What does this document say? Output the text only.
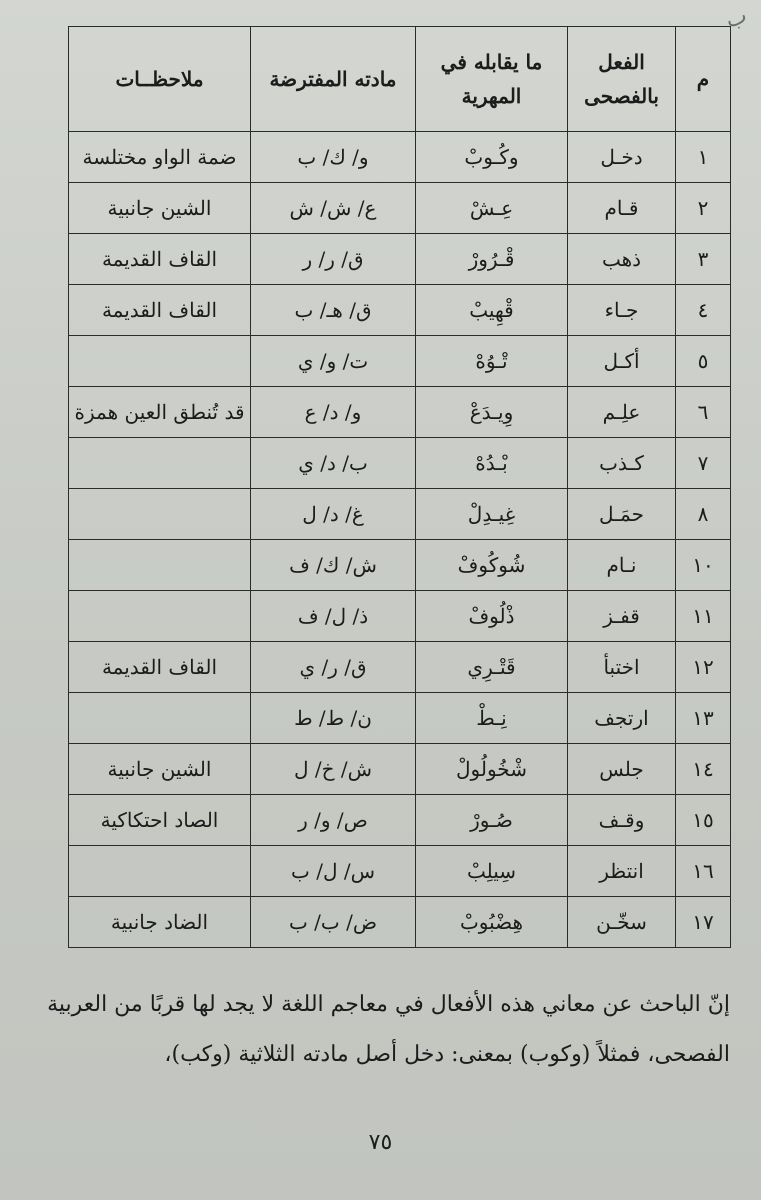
ب
م	الفعل بالفصحى	ما يقابله في المهرية	مادته المفترضة	ملاحظــات
١	دخـل	وكُـوبْ	و/ ك/ ب	ضمة الواو مختلسة
٢	قـام	عِـشْ	ع/ ش/ ش	الشين جانبية
٣	ذهب	قْـرُورْ	ق/ ر/ ر	القاف القديمة
٤	جـاء	قْهِيبْ	ق/ هـ/ ب	القاف القديمة
٥	أكـل	تْـوُهْ	ت/ و/ ي	
٦	علِـم	وِيـدَعْ	و/ د/ ع	قد تُنطق العين همزة
٧	كـذب	بْـدُهْ	ب/ د/ ي	
٨	حمَـل	غِيـدِلْ	غ/ د/ ل	
١٠	نـام	شُوكُوفْ	ش/ ك/ ف	
١١	قفـز	ذْلُوفْ	ذ/ ل/ ف	
١٢	اختبأ	قَتْـرِي	ق/ ر/ ي	القاف القديمة
١٣	ارتجف	نِـطْ	ن/ ط/ ط	
١٤	جلس	شْخُولُولْ	ش/ خ/ ل	الشين جانبية
١٥	وقـف	صُـورْ	ص/ و/ ر	الصاد احتكاكية
١٦	انتظر	سِيلِبْ	س/ ل/ ب	
١٧	سخّـن	هِضْبُوبْ	ض/ ب/ ب	الضاد جانبية
إنّ الباحث عن معاني هذه الأفعال في معاجم اللغة لا يجد لها قربًا من العربية
الفصحى، فمثلاً (وكوب) بمعنى: دخل أصل مادته الثلاثية (وكب)،
٧٥
